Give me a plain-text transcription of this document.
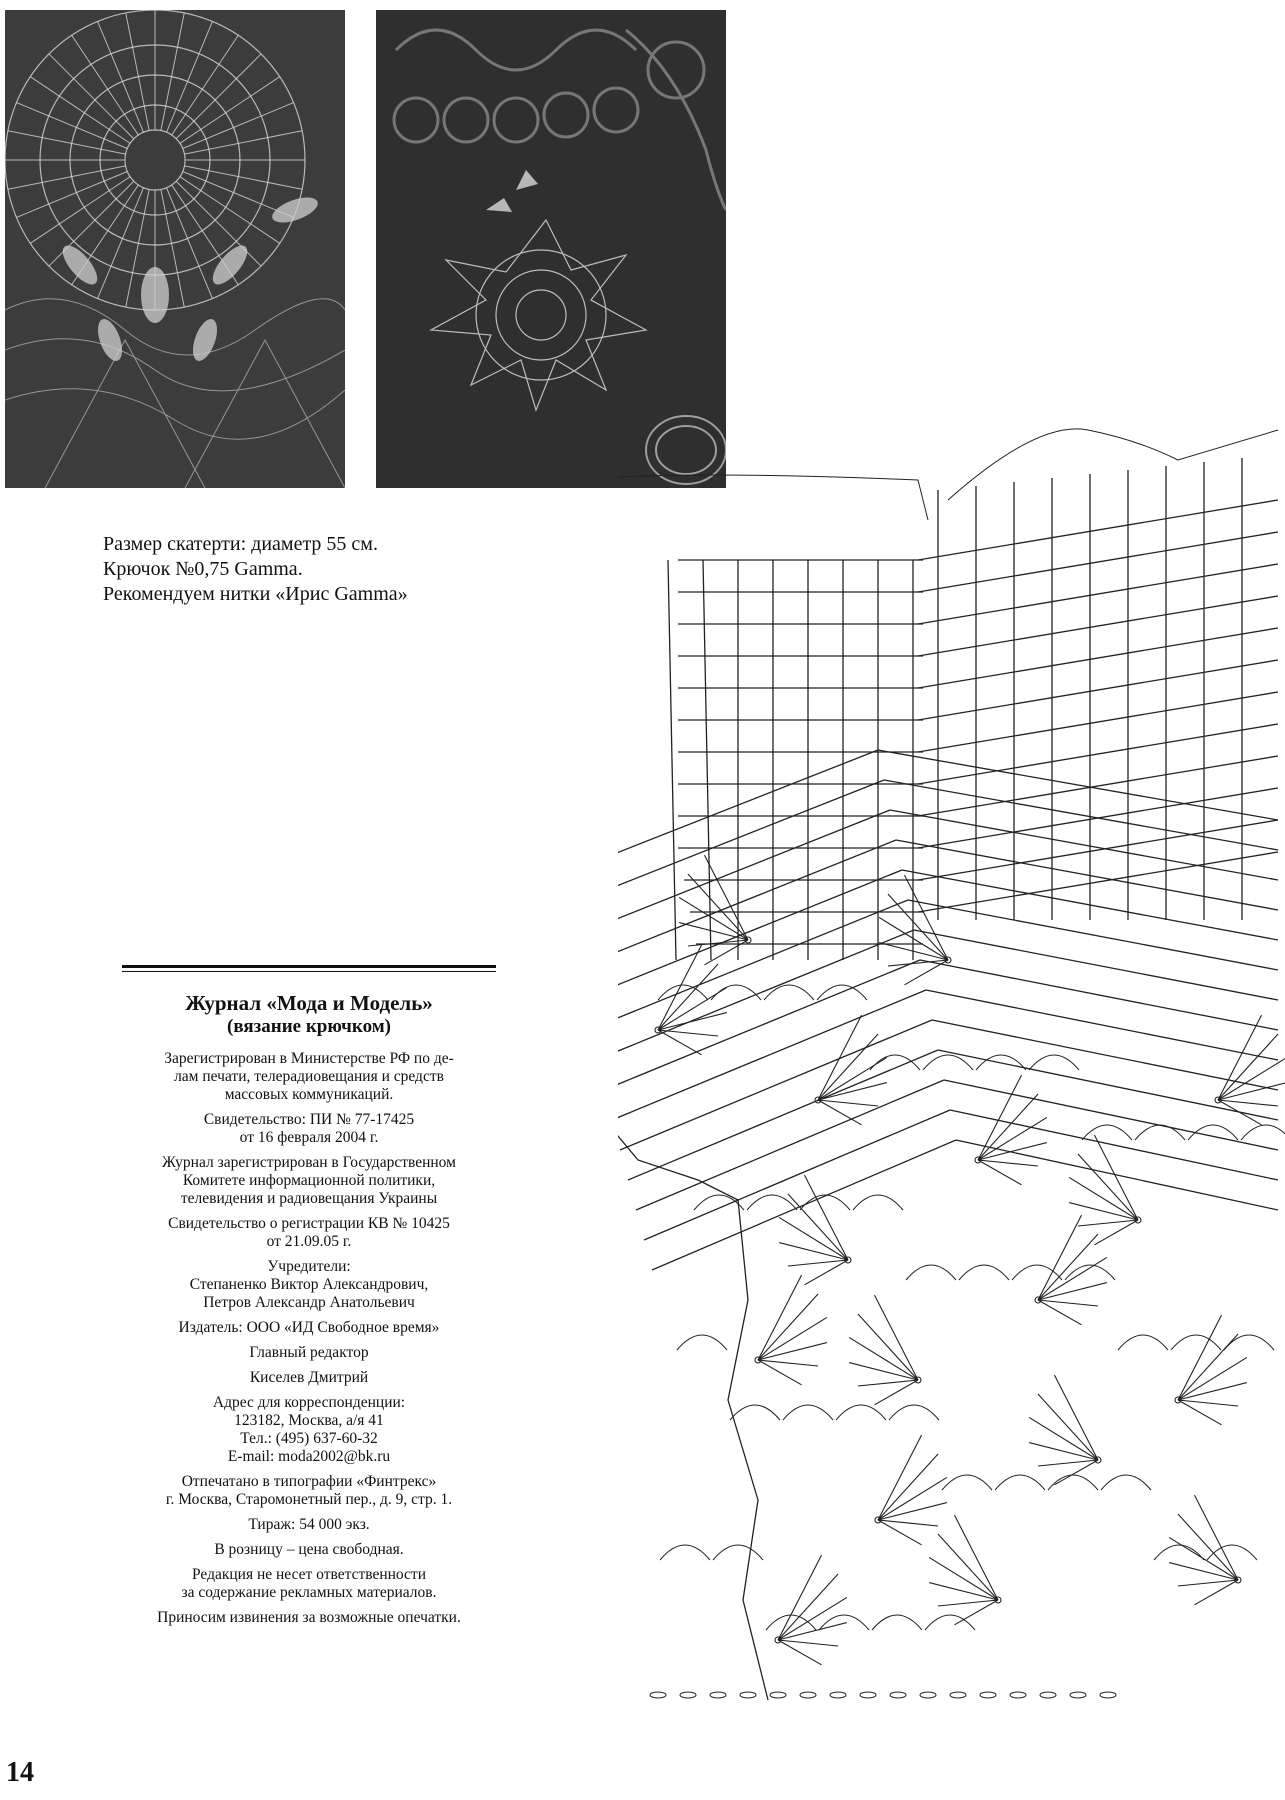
Размер скатерти: диаметр 55 см.
Крючок №0,75 Gamma.
Рекомендуем нитки «Ирис Gamma»
Журнал «Мода и Модель»
(вязание крючком)
Зарегистрирован в Министерстве РФ по де-
лам печати, телерадиовещания и средств
массовых коммуникаций.
Свидетельство: ПИ № 77-17425
от 16 февраля 2004 г.
Журнал зарегистрирован в Государственном
Комитете информационной политики,
телевидения и радиовещания Украины
Свидетельство о регистрации КВ № 10425
от 21.09.05 г.
Учредители:
Степаненко Виктор Александрович,
Петров Александр Анатольевич
Издатель: ООО «ИД Свободное время»
Главный редактор
Киселев Дмитрий
Адрес для корреспонденции:
123182, Москва, а/я 41
Тел.: (495) 637-60-32
E-mail: moda2002@bk.ru
Отпечатано в типографии «Финтрекс»
г. Москва, Старомонетный пер., д. 9, стр. 1.
Тираж: 54 000 экз.
В розницу – цена свободная.
Редакция не несет ответственности
за содержание рекламных материалов.
Приносим извинения за возможные опечатки.
14
